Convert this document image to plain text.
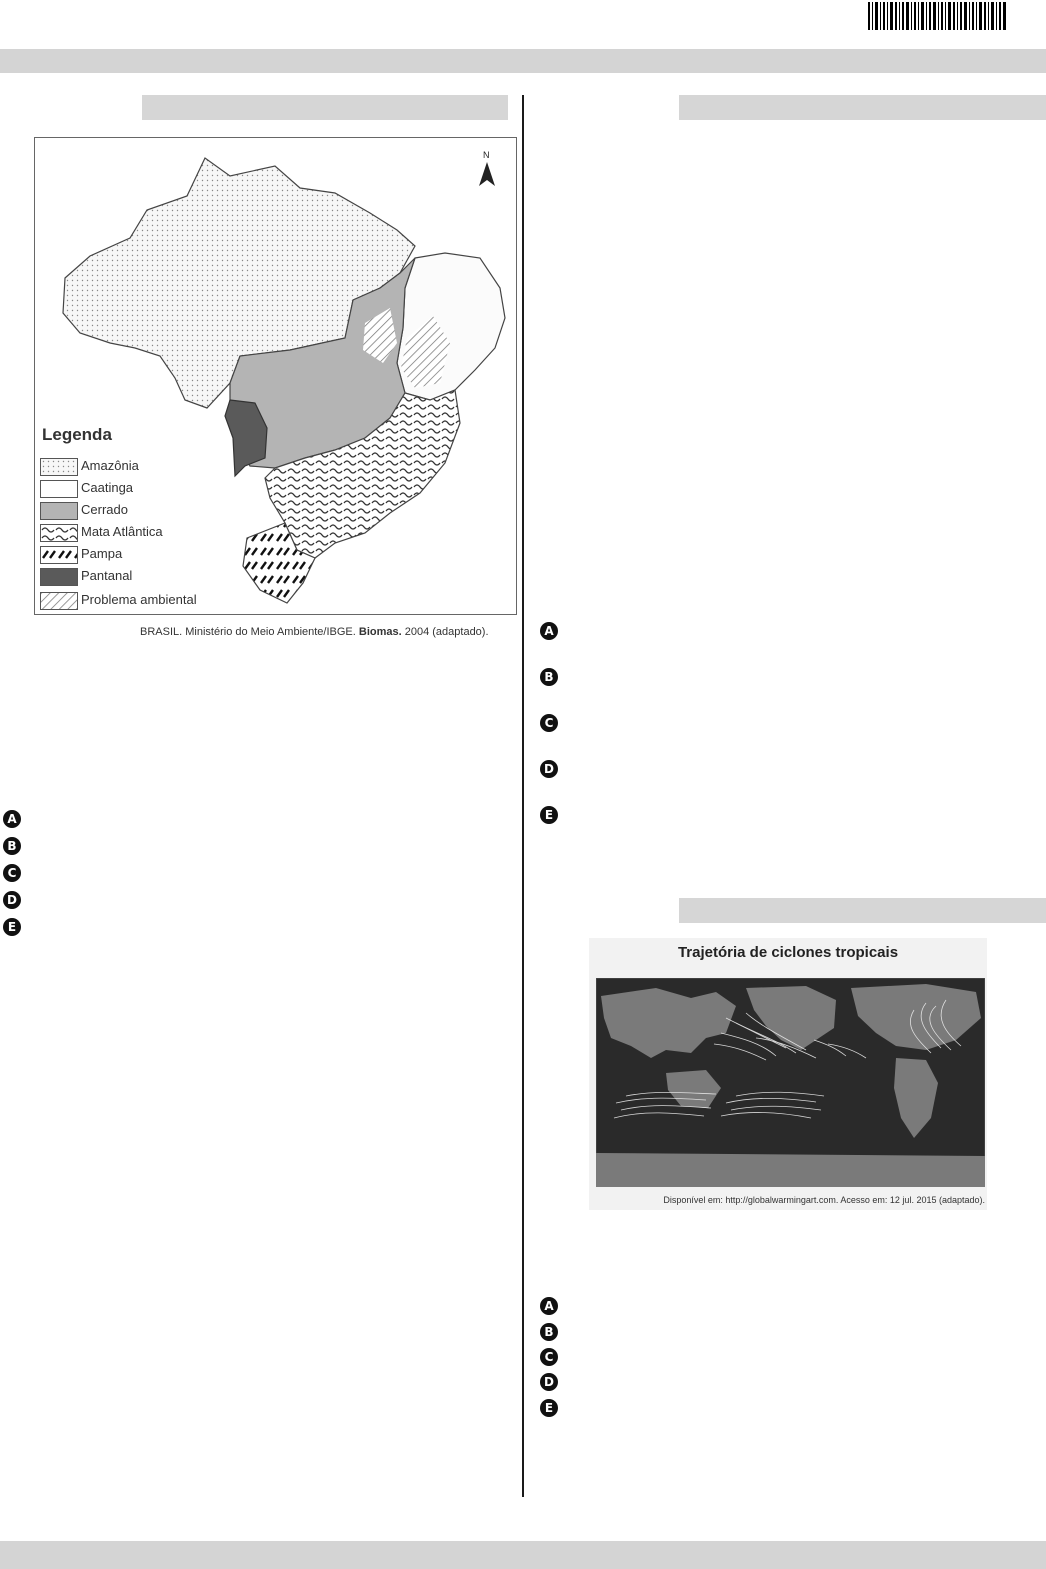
N
Legenda
Amazônia
Caatinga
Cerrado
Mata Atlântica
Pampa
Pantanal
Problema ambiental
BRASIL. Ministério do Meio Ambiente/IBGE. Biomas. 2004 (adaptado).
A
B
C
D
E
A
B
C
D
E
Trajetória de ciclones tropicais
Disponível em: http://globalwarmingart.com. Acesso em: 12 jul. 2015 (adaptado).
A
B
C
D
E
